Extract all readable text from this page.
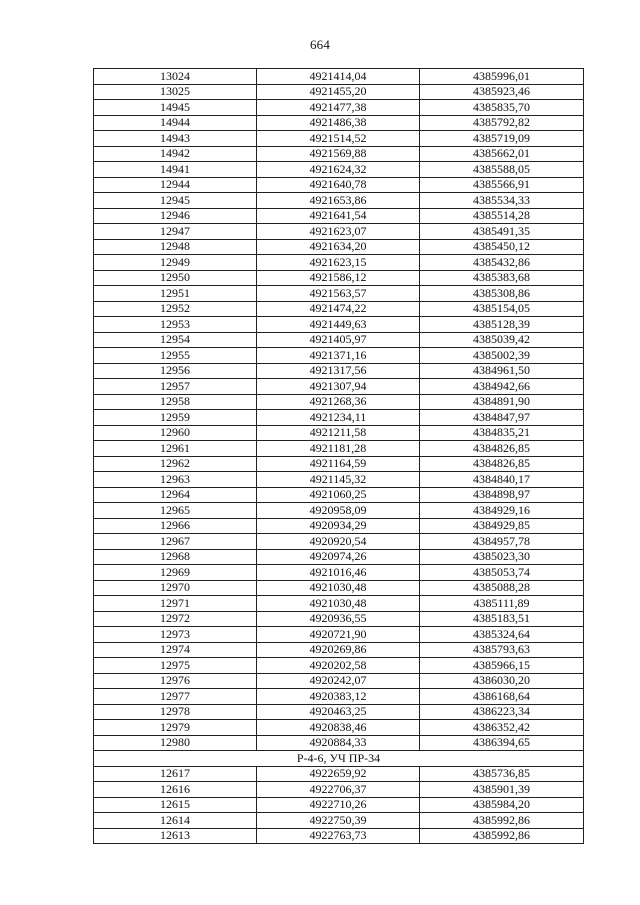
664
13024	4921414,04	4385996,01
13025	4921455,20	4385923,46
14945	4921477,38	4385835,70
14944	4921486,38	4385792,82
14943	4921514,52	4385719,09
14942	4921569,88	4385662,01
14941	4921624,32	4385588,05
12944	4921640,78	4385566,91
12945	4921653,86	4385534,33
12946	4921641,54	4385514,28
12947	4921623,07	4385491,35
12948	4921634,20	4385450,12
12949	4921623,15	4385432,86
12950	4921586,12	4385383,68
12951	4921563,57	4385308,86
12952	4921474,22	4385154,05
12953	4921449,63	4385128,39
12954	4921405,97	4385039,42
12955	4921371,16	4385002,39
12956	4921317,56	4384961,50
12957	4921307,94	4384942,66
12958	4921268,36	4384891,90
12959	4921234,11	4384847,97
12960	4921211,58	4384835,21
12961	4921181,28	4384826,85
12962	4921164,59	4384826,85
12963	4921145,32	4384840,17
12964	4921060,25	4384898,97
12965	4920958,09	4384929,16
12966	4920934,29	4384929,85
12967	4920920,54	4384957,78
12968	4920974,26	4385023,30
12969	4921016,46	4385053,74
12970	4921030,48	4385088,28
12971	4921030,48	4385111,89
12972	4920936,55	4385183,51
12973	4920721,90	4385324,64
12974	4920269,86	4385793,63
12975	4920202,58	4385966,15
12976	4920242,07	4386030,20
12977	4920383,12	4386168,64
12978	4920463,25	4386223,34
12979	4920838,46	4386352,42
12980	4920884,33	4386394,65
Р-4-6, УЧ ПР-34		
12617	4922659,92	4385736,85
12616	4922706,37	4385901,39
12615	4922710,26	4385984,20
12614	4922750,39	4385992,86
12613	4922763,73	4385992,86
